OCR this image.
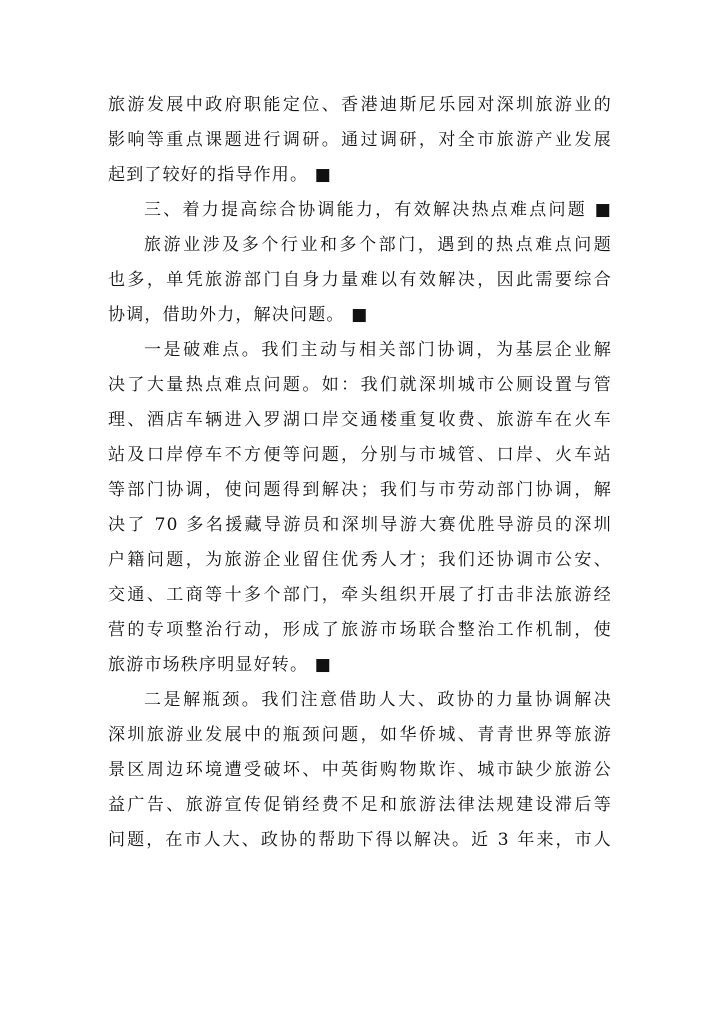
旅游发展中政府职能定位、香港迪斯尼乐园对深圳旅游业的
影响等重点课题进行调研。通过调研，对全市旅游产业发展
起到了较好的指导作用。 ■
三、着力提高综合协调能力，有效解决热点难点问题 ■
旅游业涉及多个行业和多个部门，遇到的热点难点问题
也多，单凭旅游部门自身力量难以有效解决，因此需要综合
协调，借助外力，解决问题。 ■
一是破难点。我们主动与相关部门协调，为基层企业解
决了大量热点难点问题。如：我们就深圳城市公厕设置与管
理、酒店车辆进入罗湖口岸交通楼重复收费、旅游车在火车
站及口岸停车不方便等问题，分别与市城管、口岸、火车站
等部门协调，使问题得到解决；我们与市劳动部门协调，解
决了 70 多名援藏导游员和深圳导游大赛优胜导游员的深圳
户籍问题，为旅游企业留住优秀人才；我们还协调市公安、
交通、工商等十多个部门，牵头组织开展了打击非法旅游经
营的专项整治行动，形成了旅游市场联合整治工作机制，使
旅游市场秩序明显好转。 ■
二是解瓶颈。我们注意借助人大、政协的力量协调解决
深圳旅游业发展中的瓶颈问题，如华侨城、青青世界等旅游
景区周边环境遭受破坏、中英街购物欺诈、城市缺少旅游公
益广告、旅游宣传促销经费不足和旅游法律法规建设滞后等
问题，在市人大、政协的帮助下得以解决。近 3 年来，市人
